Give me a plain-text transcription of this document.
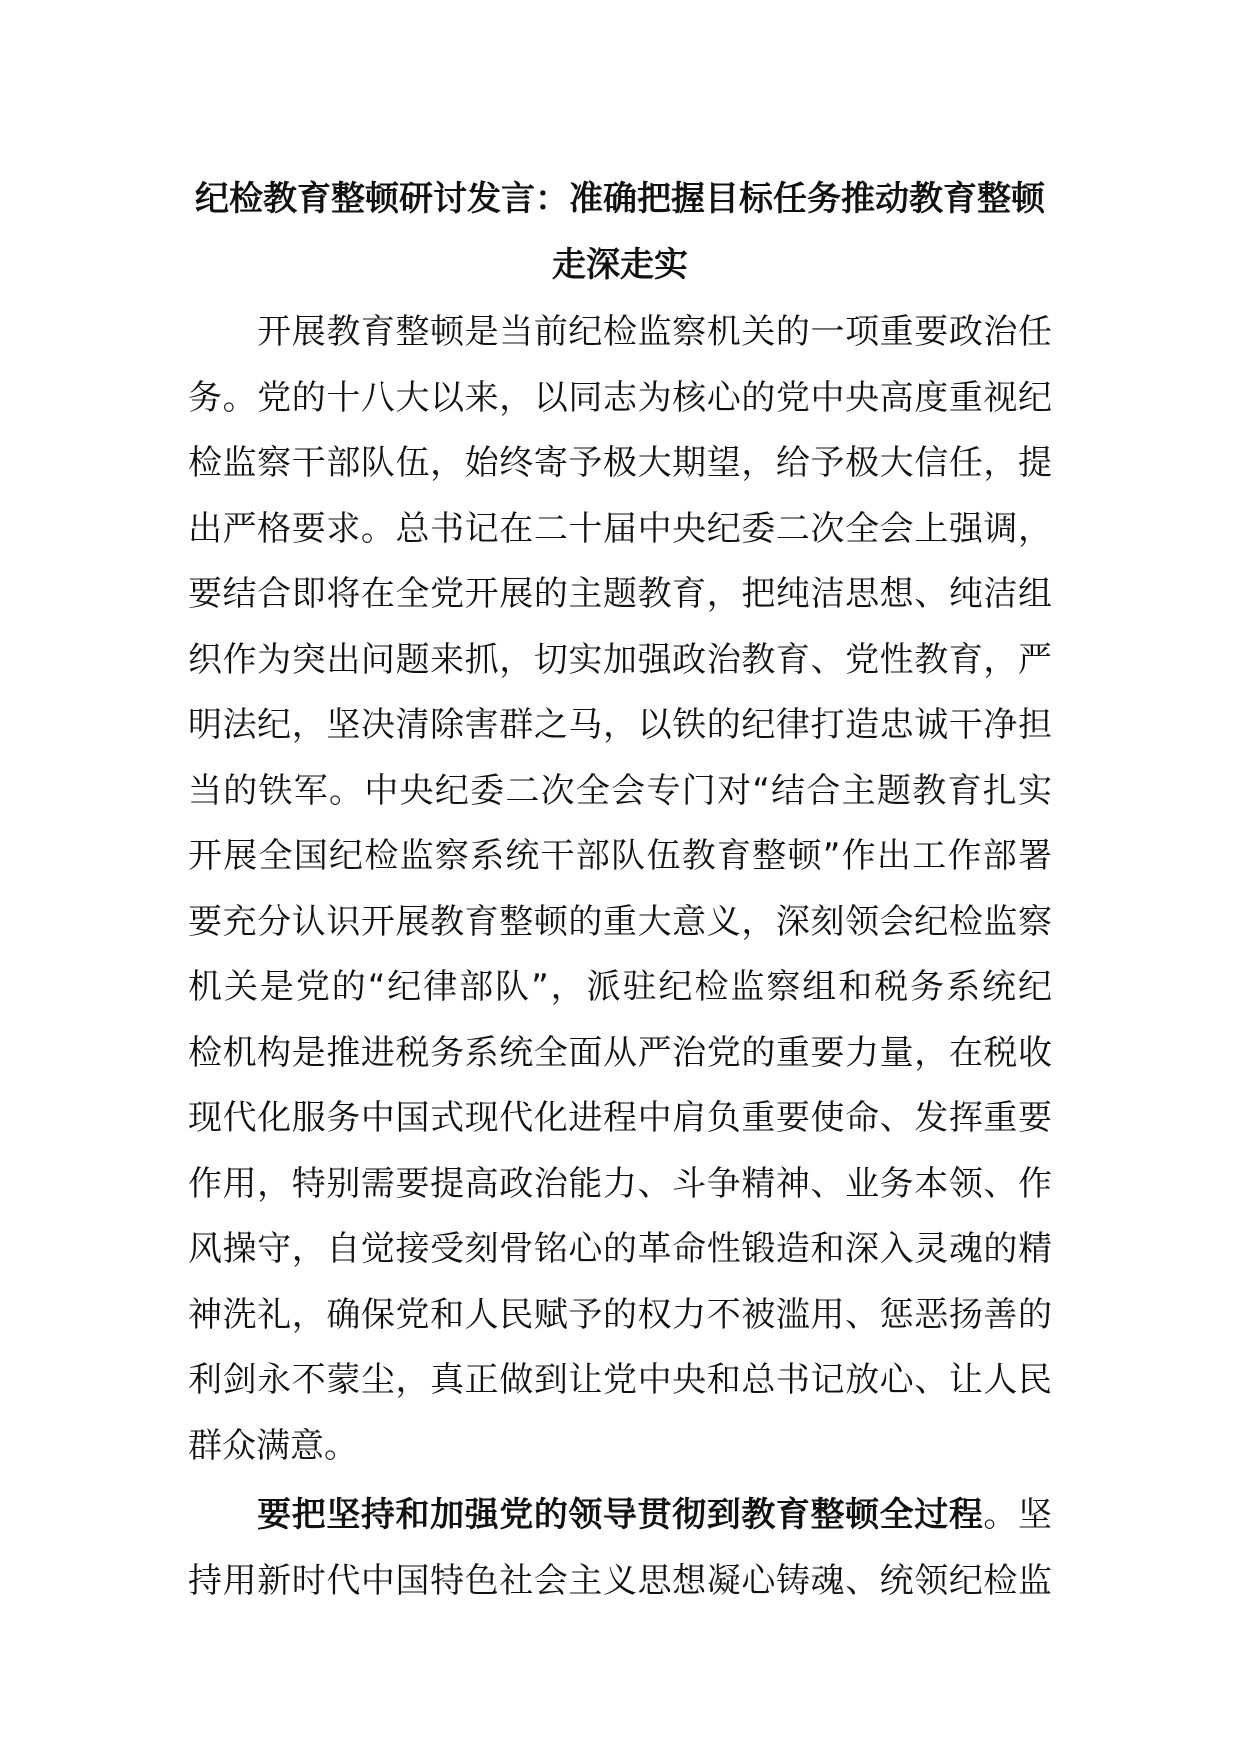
纪检教育整顿研讨发言：准确把握目标任务推动教育整顿
走深走实
　　开展教育整顿是当前纪检监察机关的一项重要政治任
务。党的十八大以来，以同志为核心的党中央高度重视纪
检监察干部队伍，始终寄予极大期望，给予极大信任，提
出严格要求。总书记在二十届中央纪委二次全会上强调，
要结合即将在全党开展的主题教育，把纯洁思想、纯洁组
织作为突出问题来抓，切实加强政治教育、党性教育，严
明法纪，坚决清除害群之马，以铁的纪律打造忠诚干净担
当的铁军。中央纪委二次全会专门对“结合主题教育扎实
开展全国纪检监察系统干部队伍教育整顿”作出工作部署
要充分认识开展教育整顿的重大意义，深刻领会纪检监察
机关是党的“纪律部队”，派驻纪检监察组和税务系统纪
检机构是推进税务系统全面从严治党的重要力量，在税收
现代化服务中国式现代化进程中肩负重要使命、发挥重要
作用，特别需要提高政治能力、斗争精神、业务本领、作
风操守，自觉接受刻骨铭心的革命性锻造和深入灵魂的精
神洗礼，确保党和人民赋予的权力不被滥用、惩恶扬善的
利剑永不蒙尘，真正做到让党中央和总书记放心、让人民
群众满意。
　　要把坚持和加强党的领导贯彻到教育整顿全过程。坚
持用新时代中国特色社会主义思想凝心铸魂、统领纪检监
